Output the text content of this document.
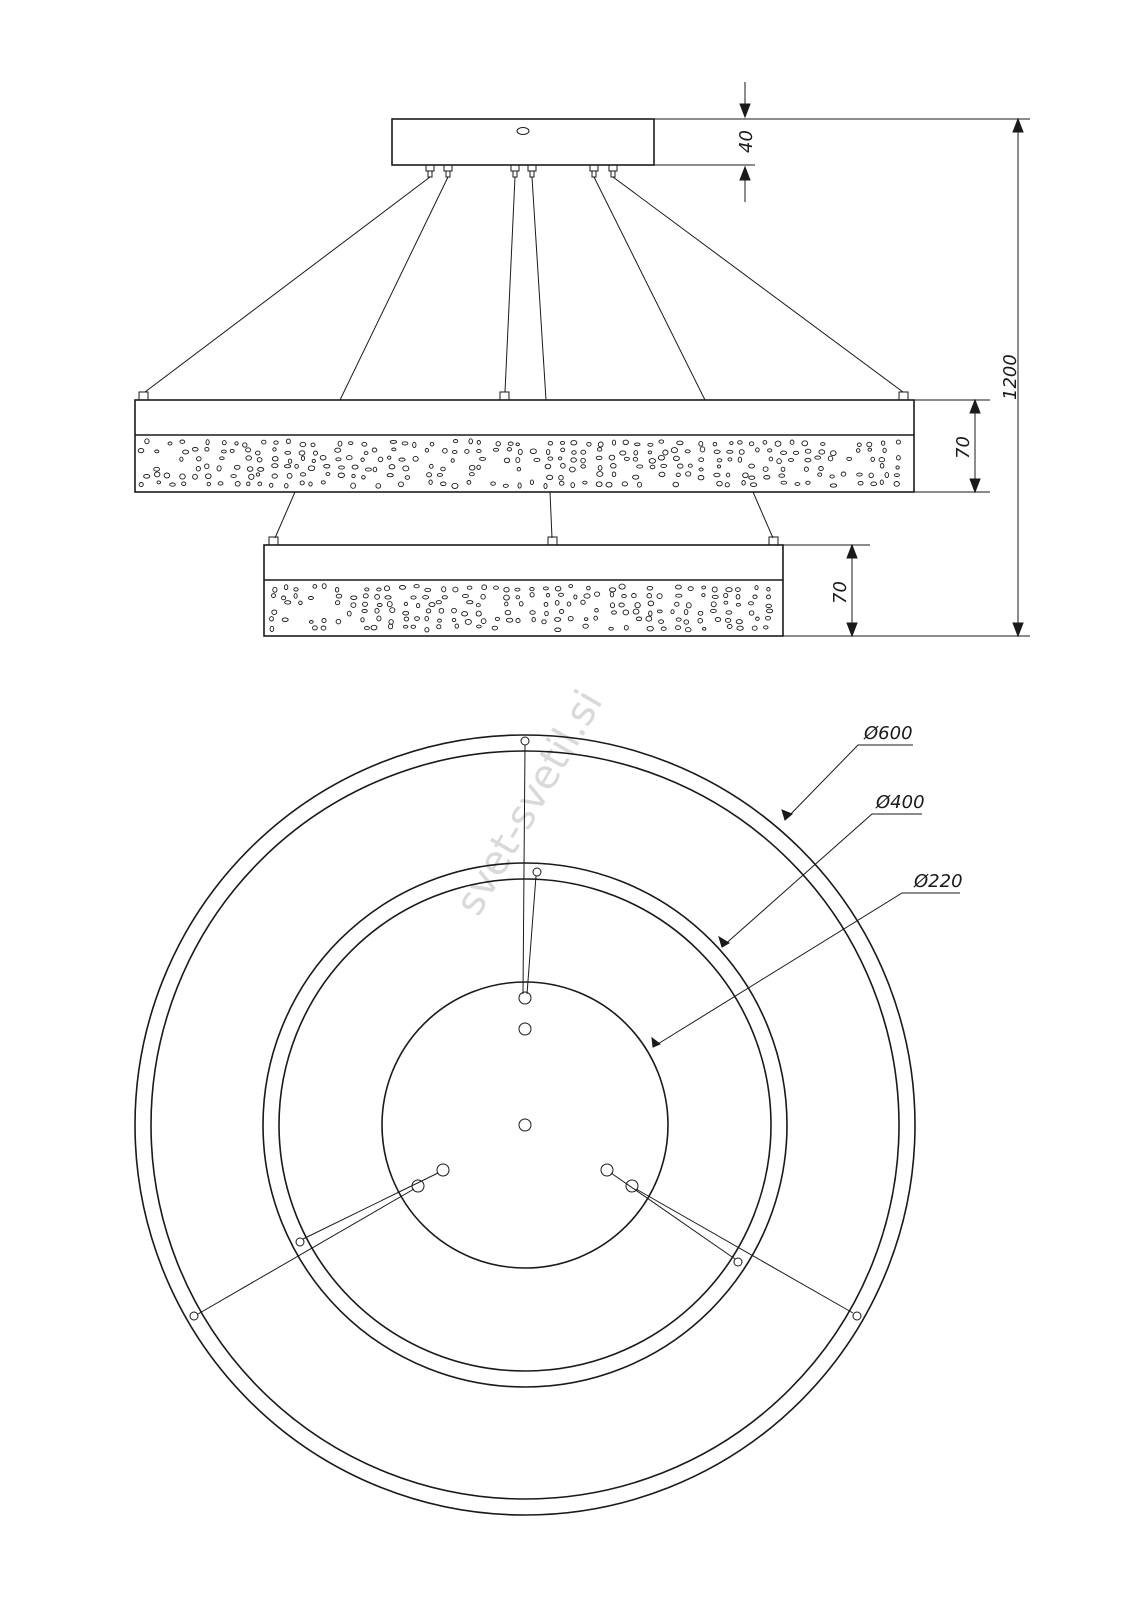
40
1200
70
70
svet-svetil.si	Ø600
Ø400
Ø220
